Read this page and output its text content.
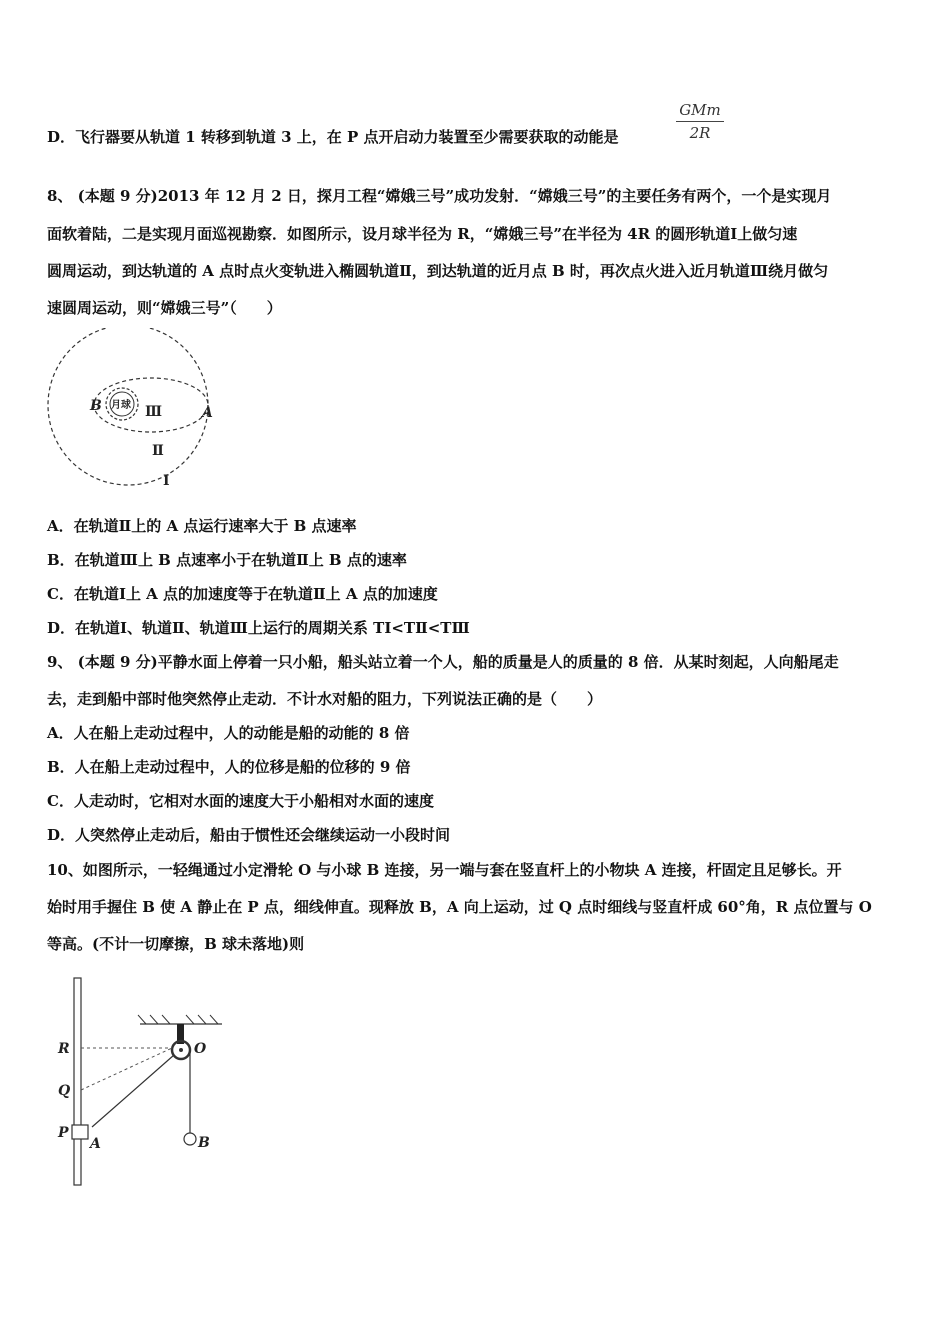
D．飞行器要从轨道 1 转移到轨道 3 上，在 P 点开启动力装置至少需要获取的动能是
GMm
2R
8、 (本题 9 分)2013 年 12 月 2 日，探月工程“嫦娥三号”成功发射．“嫦娥三号”的主要任务有两个，一个是实现月
面软着陆，二是实现月面巡视勘察．如图所示，设月球半径为 R，“嫦娥三号”在半径为 4R 的圆形轨道Ⅰ上做匀速
圆周运动，到达轨道的 A 点时点火变轨进入椭圆轨道Ⅱ，到达轨道的近月点 B 时，再次点火进入近月轨道Ⅲ绕月做匀
速圆周运动，则“嫦娥三号”（　　）
月球
B	A
Ⅲ
Ⅱ
Ⅰ
A．在轨道Ⅱ上的 A 点运行速率大于 B 点速率
B．在轨道Ⅲ上 B 点速率小于在轨道Ⅱ上 B 点的速率
C．在轨道Ⅰ上 A 点的加速度等于在轨道Ⅱ上 A 点的加速度
D．在轨道Ⅰ、轨道Ⅱ、轨道Ⅲ上运行的周期关系 TⅠ<TⅡ<TⅢ
9、 (本题 9 分)平静水面上停着一只小船，船头站立着一个人，船的质量是人的质量的 8 倍．从某时刻起，人向船尾走
去，走到船中部时他突然停止走动．不计水对船的阻力，下列说法正确的是（　　）
A．人在船上走动过程中，人的动能是船的动能的 8 倍
B．人在船上走动过程中，人的位移是船的位移的 9 倍
C．人走动时，它相对水面的速度大于小船相对水面的速度
D．人突然停止走动后，船由于惯性还会继续运动一小段时间
10、如图所示，一轻绳通过小定滑轮 O 与小球 B 连接，另一端与套在竖直杆上的小物块 A 连接，杆固定且足够长。开
始时用手握住 B 使 A 静止在 P 点，细线伸直。现释放 B，A 向上运动，过 Q 点时细线与竖直杆成 60°角，R 点位置与 O
等高。(不计一切摩擦，B 球未落地)则
R
Q
P
A
O
B
